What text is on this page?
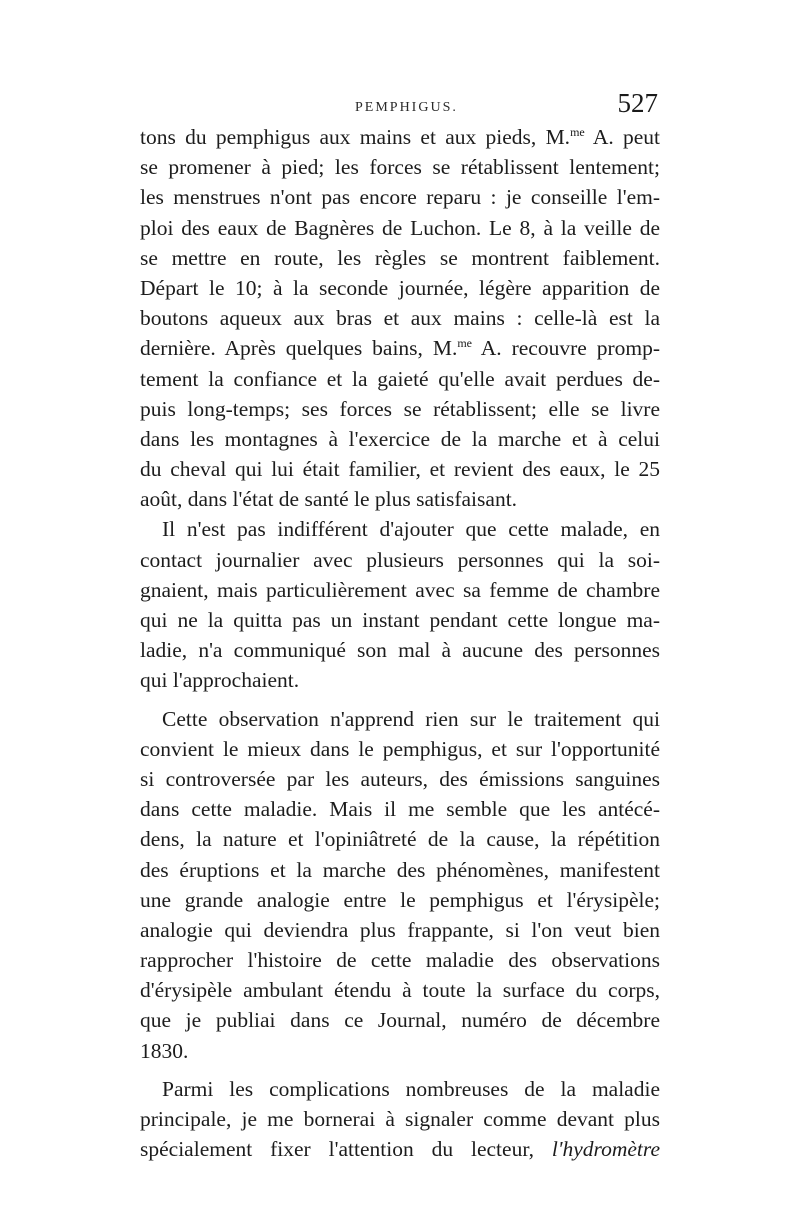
PEMPHIGUS.	527
tons du pemphigus aux mains et aux pieds, M.$^{me}$ A. peut
se promener à pied; les forces se rétablissent lentement;
les menstrues n'ont pas encore reparu : je conseille l'em-
ploi des eaux de Bagnères de Luchon. Le 8, à la veille de
se mettre en route, les règles se montrent faiblement.
Départ le 10; à la seconde journée, légère apparition de
boutons aqueux aux bras et aux mains : celle-là est la
dernière. Après quelques bains, M.$^{me}$ A. recouvre promp-
tement la confiance et la gaieté qu'elle avait perdues de-
puis long-temps; ses forces se rétablissent; elle se livre
dans les montagnes à l'exercice de la marche et à celui
du cheval qui lui était familier, et revient des eaux, le 25
août, dans l'état de santé le plus satisfaisant.
Il n'est pas indifférent d'ajouter que cette malade, en
contact journalier avec plusieurs personnes qui la soi-
gnaient, mais particulièrement avec sa femme de chambre
qui ne la quitta pas un instant pendant cette longue ma-
ladie, n'a communiqué son mal à aucune des personnes
qui l'approchaient.
Cette observation n'apprend rien sur le traitement qui
convient le mieux dans le pemphigus, et sur l'opportunité
si controversée par les auteurs, des émissions sanguines
dans cette maladie. Mais il me semble que les antécé-
dens, la nature et l'opiniâtreté de la cause, la répétition
des éruptions et la marche des phénomènes, manifestent
une grande analogie entre le pemphigus et l'érysipèle;
analogie qui deviendra plus frappante, si l'on veut bien
rapprocher l'histoire de cette maladie des observations
d'érysipèle ambulant étendu à toute la surface du corps,
que je publiai dans ce Journal, numéro de décembre
1830.
Parmi les complications nombreuses de la maladie
principale, je me bornerai à signaler comme devant plus
spécialement fixer l'attention du lecteur, l'hydromètre
